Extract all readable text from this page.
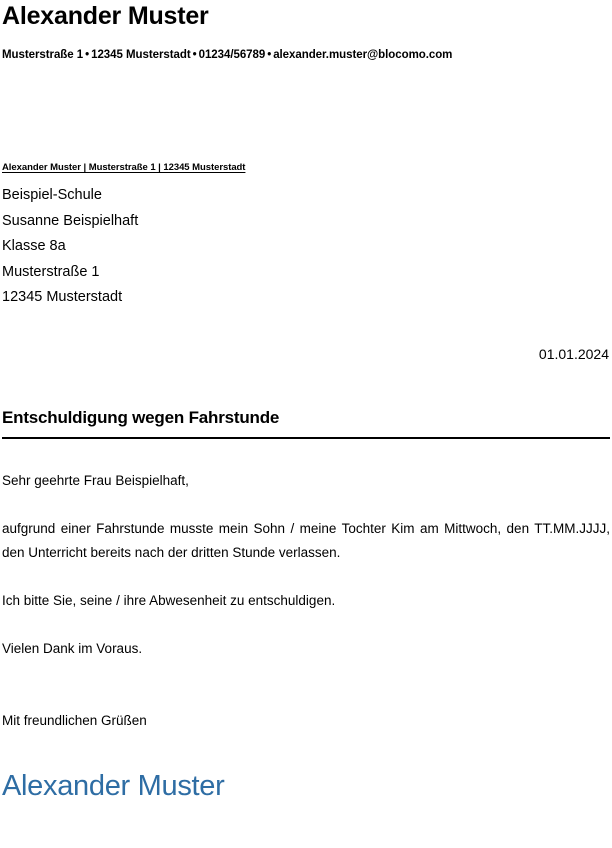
Alexander Muster
Musterstraße 1 • 12345 Musterstadt • 01234/56789 • alexander.muster@blocomo.com
Alexander Muster | Musterstraße 1 | 12345 Musterstadt

Beispiel-Schule

Susanne Beispielhaft

Klasse 8a

Musterstraße 1

12345 Musterstadt

01.01.2024
Entschuldigung wegen Fahrstunde

Sehr geehrte Frau Beispielhaft,

aufgrund einer Fahrstunde musste mein Sohn / meine Tochter Kim am Mittwoch, den TT.MM.JJJJ, den Unterricht bereits nach der dritten Stunde verlassen.

Ich bitte Sie, seine / ihre Abwesenheit zu entschuldigen.

Vielen Dank im Voraus.

Mit freundlichen Grüßen

Alexander Muster
